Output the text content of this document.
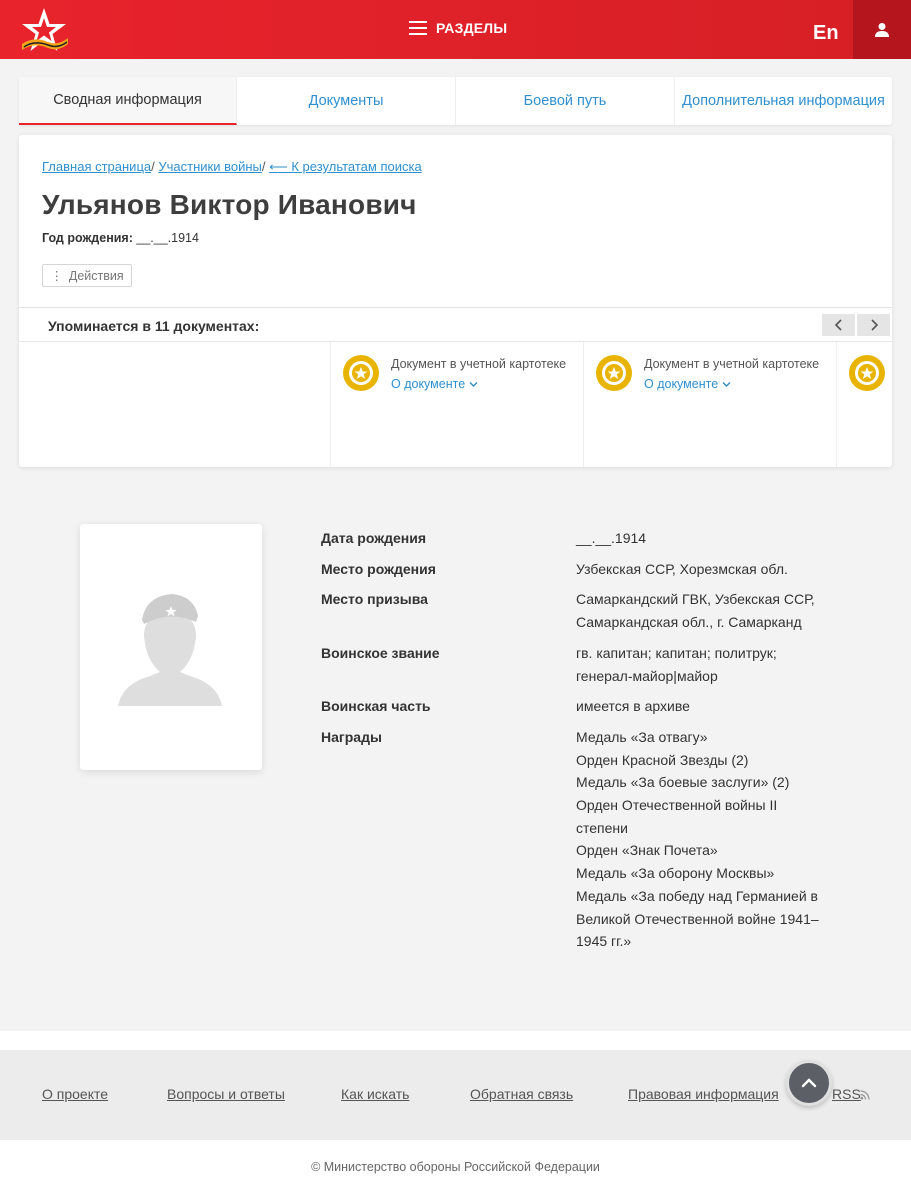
РАЗДЕЛЫ	En
Сводная информация	Документы	Боевой путь	Дополнительная информация
Главная страница/ Участники войны/ ⟵ К результатам поиска
Ульянов Виктор Иванович
Год рождения: __.__.1914
⋮ Действия
Упоминается в 11 документах:
Документ в учетной картотеке
О документе
Документ в учетной картотеке
О документе
Дата рождения	__.__.1914
Место рождения	Узбекская ССР, Хорезмская обл.
Место призыва	Самаркандский ГВК, Узбекская ССР,
Самаркандская обл., г. Самарканд
Воинское звание	гв. капитан; капитан; политрук;
генерал-майор|майор
Воинская часть	имеется в архиве
Награды	Медаль «За отвагу»
Орден Красной Звезды (2)
Медаль «За боевые заслуги» (2)
Орден Отечественной войны II
степени
Орден «Знак Почета»
Медаль «За оборону Москвы»
Медаль «За победу над Германией в
Великой Отечественной войне 1941–
1945 гг.»
О проекте	Вопросы и ответы	Как искать	Обратная связь	Правовая информация	RSS
© Министерство обороны Российской Федерации
